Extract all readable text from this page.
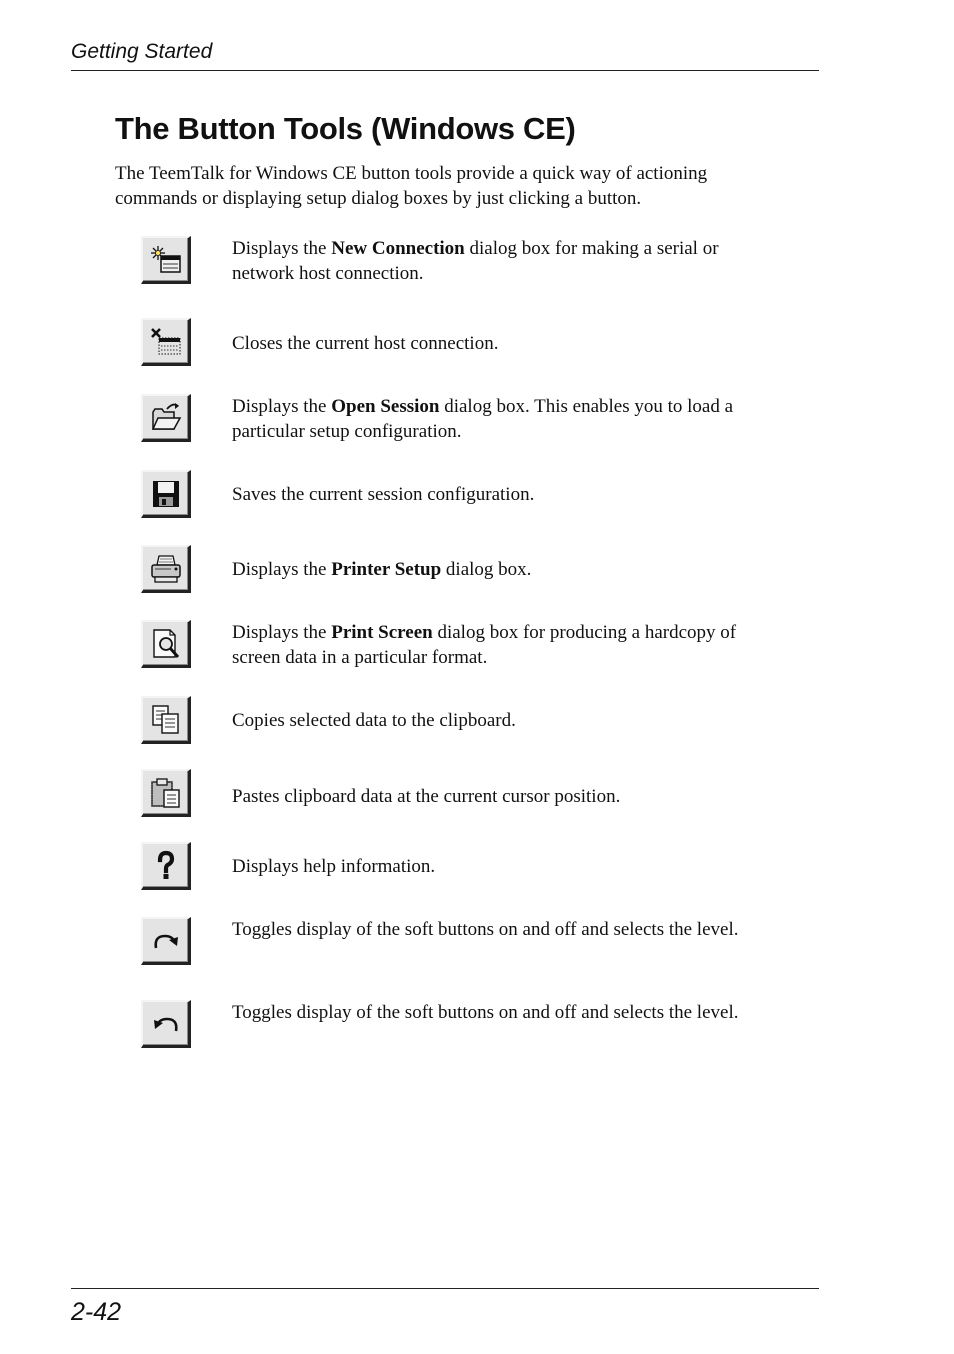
Getting Started
The Button Tools (Windows CE)

The TeemTalk for Windows CE button tools provide a quick way of actioning commands or displaying setup dialog boxes by just clicking a button.

Displays the New Connection dialog box for making a serial or network host connection.

Closes the current host connection.

Displays the Open Session dialog box. This enables you to load a particular setup configuration.

Saves the current session configuration.

Displays the Printer Setup dialog box.

Displays the Print Screen dialog box for producing a hardcopy of screen data in a particular format.

Copies selected data to the clipboard.

Pastes clipboard data at the current cursor position.

Displays help information.

Toggles display of the soft buttons on and off and selects the level.

Toggles display of the soft buttons on and off and selects the level.

2-42
